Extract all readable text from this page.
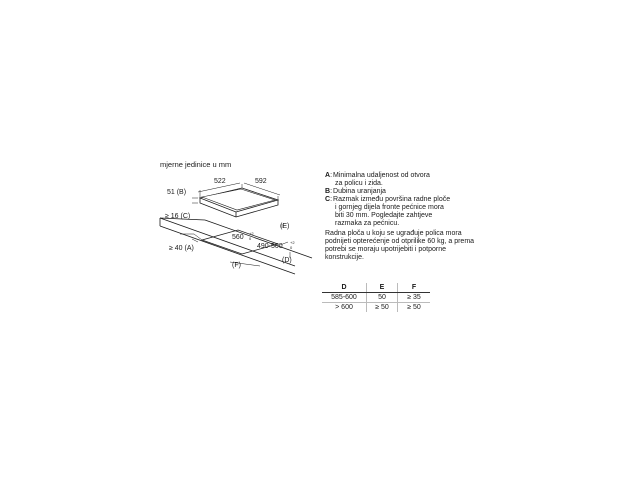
mjerne jedinice u mm
522	592
51 (B)
≥ 16 (C)
≥ 40 (A)
560
+2
0
490-500
+2
0
(E)
(D)
(F)
A : Minimalna udaljenost od otvora
za policu i zida.
B : Dubina uranjanja
C : Razmak između površina radne ploče
i gornjeg dijela fronte pećnice mora
biti 30 mm. Pogledajte zahtjeve
razmaka za pećnicu.
Radna ploča u koju se ugrađuje polica mora podnijeti opterećenje od otprilike 60 kg, a prema potrebi se moraju upotrijebiti i potporne konstrukcije.
D	E	F
585-600	50	≥ 35
> 600	≥ 50	≥ 50
